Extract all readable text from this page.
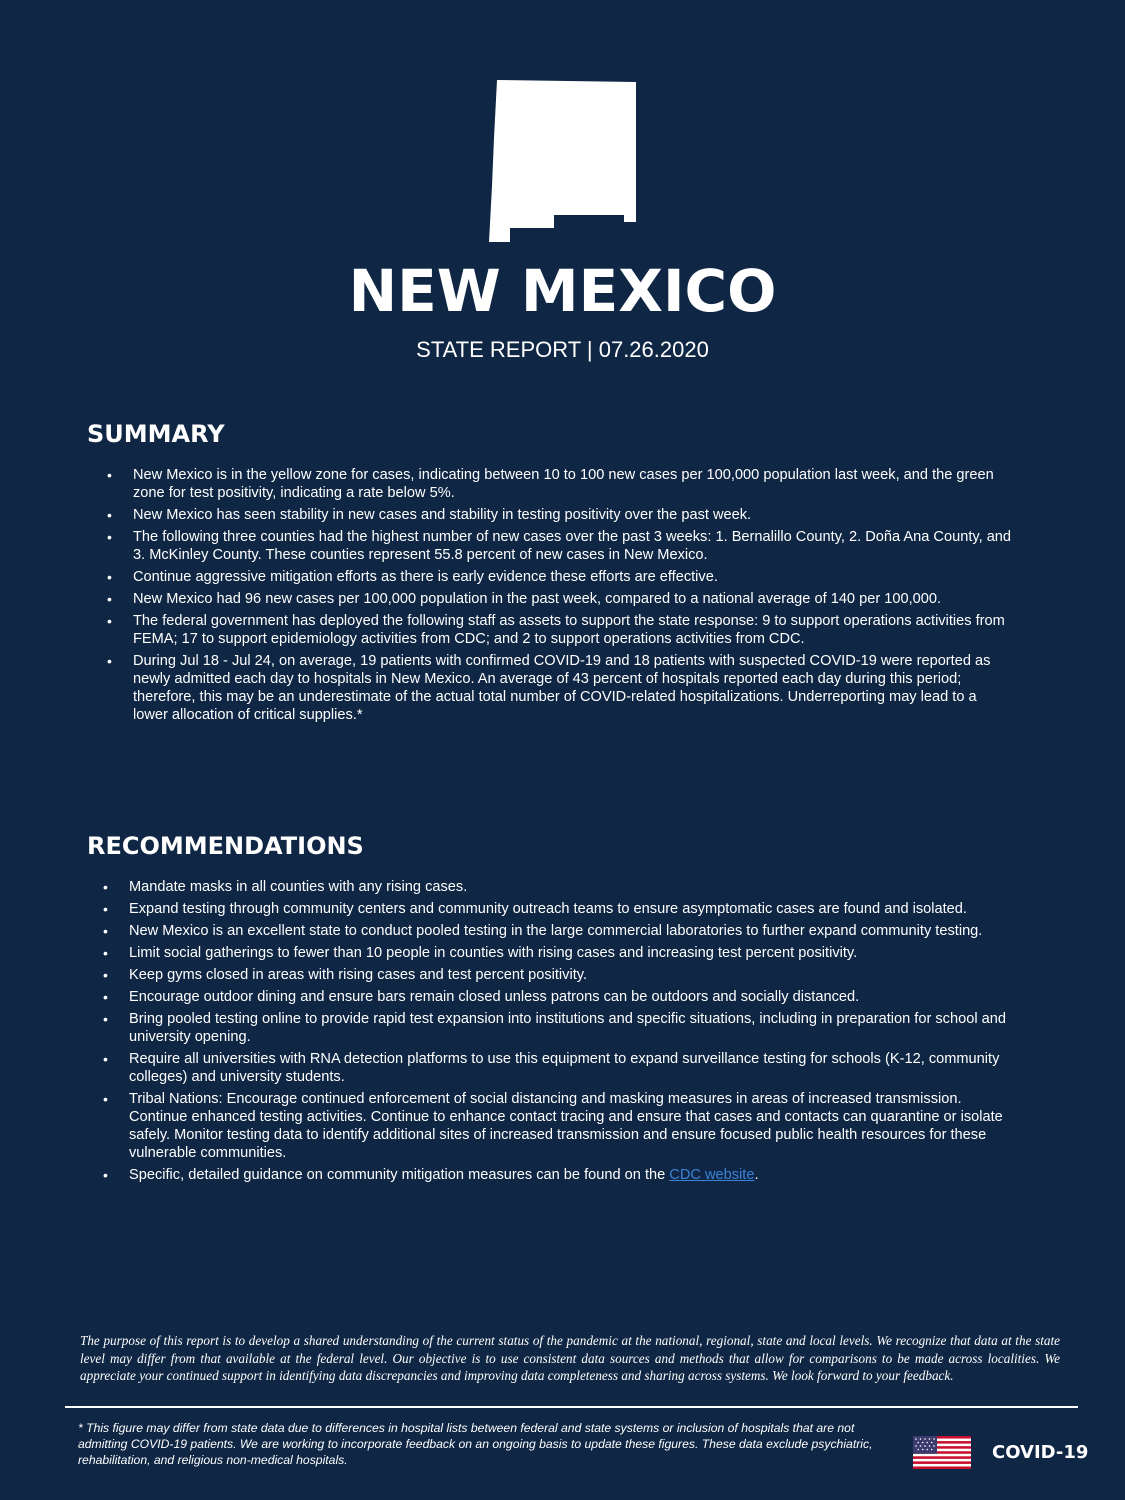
NEW MEXICO
STATE REPORT | 07.26.2020
SUMMARY
• New Mexico is in the yellow zone for cases, indicating between 10 to 100 new cases per 100,000 population last week, and the green zone for test positivity, indicating a rate below 5%.
• New Mexico has seen stability in new cases and stability in testing positivity over the past week.
• The following three counties had the highest number of new cases over the past 3 weeks: 1. Bernalillo County, 2. Doña Ana County, and 3. McKinley County. These counties represent 55.8 percent of new cases in New Mexico.
• Continue aggressive mitigation efforts as there is early evidence these efforts are effective.
• New Mexico had 96 new cases per 100,000 population in the past week, compared to a national average of 140 per 100,000.
• The federal government has deployed the following staff as assets to support the state response: 9 to support operations activities from FEMA; 17 to support epidemiology activities from CDC; and 2 to support operations activities from CDC.
• During Jul 18 - Jul 24, on average, 19 patients with confirmed COVID-19 and 18 patients with suspected COVID-19 were reported as newly admitted each day to hospitals in New Mexico. An average of 43 percent of hospitals reported each day during this period; therefore, this may be an underestimate of the actual total number of COVID-related hospitalizations. Underreporting may lead to a lower allocation of critical supplies.*
RECOMMENDATIONS
• Mandate masks in all counties with any rising cases.
• Expand testing through community centers and community outreach teams to ensure asymptomatic cases are found and isolated.
• New Mexico is an excellent state to conduct pooled testing in the large commercial laboratories to further expand community testing.
• Limit social gatherings to fewer than 10 people in counties with rising cases and increasing test percent positivity.
• Keep gyms closed in areas with rising cases and test percent positivity.
• Encourage outdoor dining and ensure bars remain closed unless patrons can be outdoors and socially distanced.
• Bring pooled testing online to provide rapid test expansion into institutions and specific situations, including in preparation for school and university opening.
• Require all universities with RNA detection platforms to use this equipment to expand surveillance testing for schools (K-12, community colleges) and university students.
• Tribal Nations: Encourage continued enforcement of social distancing and masking measures in areas of increased transmission. Continue enhanced testing activities. Continue to enhance contact tracing and ensure that cases and contacts can quarantine or isolate safely. Monitor testing data to identify additional sites of increased transmission and ensure focused public health resources for these vulnerable communities.
• Specific, detailed guidance on community mitigation measures can be found on the CDC website.

The purpose of this report is to develop a shared understanding of the current status of the pandemic at the national, regional, state and local levels. We recognize that data at the state level may differ from that available at the federal level. Our objective is to use consistent data sources and methods that allow for comparisons to be made across localities. We appreciate your continued support in identifying data discrepancies and improving data completeness and sharing across systems. We look forward to your feedback.

* This figure may differ from state data due to differences in hospital lists between federal and state systems or inclusion of hospitals that are not admitting COVID-19 patients. We are working to incorporate feedback on an ongoing basis to update these figures. These data exclude psychiatric, rehabilitation, and religious non-medical hospitals.	COVID-19
